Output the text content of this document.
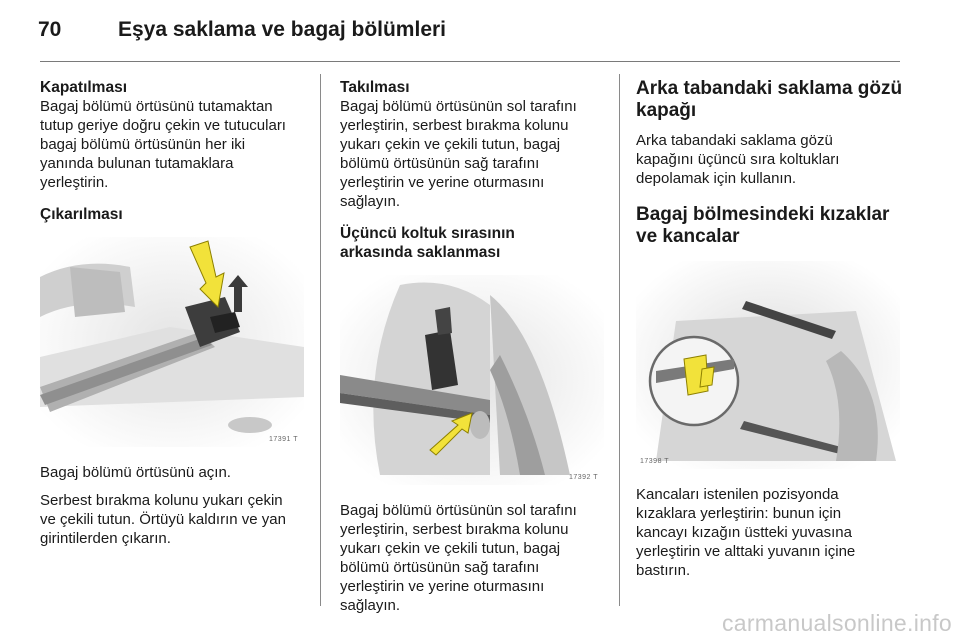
70	Eşya saklama ve bagaj bölümleri
Kapatılması

Bagaj bölümü örtüsünü tutamaktan
tutup geriye doğru çekin ve tutucuları
bagaj bölümü örtüsünün her iki
yanında bulunan tutamaklara
yerleştirin.

Çıkarılması
17391 T

Bagaj bölümü örtüsünü açın.

Serbest bırakma kolunu yukarı çekin
ve çekili tutun. Örtüyü kaldırın ve yan
girintilerden çıkarın.

Takılması

Bagaj bölümü örtüsünün sol tarafını
yerleştirin, serbest bırakma kolunu
yukarı çekin ve çekili tutun, bagaj
bölümü örtüsünün sağ tarafını
yerleştirin ve yerine oturmasını
sağlayın.

Üçüncü koltuk sırasının
arkasında saklanması
17392 T

Bagaj bölümü örtüsünün sol tarafını
yerleştirin, serbest bırakma kolunu
yukarı çekin ve çekili tutun, bagaj
bölümü örtüsünün sağ tarafını
yerleştirin ve yerine oturmasını
sağlayın.

Arka tabandaki saklama gözü
kapağı

Arka tabandaki saklama gözü
kapağını üçüncü sıra koltukları
depolamak için kullanın.

Bagaj bölmesindeki kızaklar
ve kancalar
17398 T

Kancaları istenilen pozisyonda
kızaklara yerleştirin: bunun için
kancayı kızağın üstteki yuvasına
yerleştirin ve alttaki yuvanın içine
bastırın.

carmanualsonline.info
